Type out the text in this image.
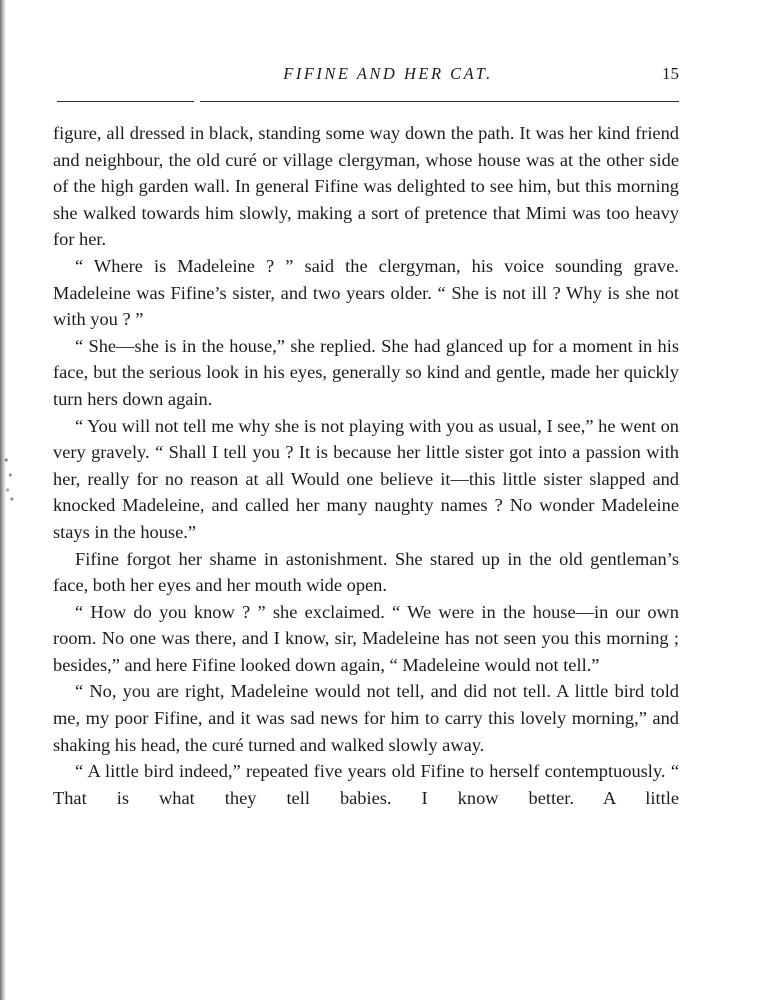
FIFINE AND HER CAT.	15

figure, all dressed in black, standing some way down the path. It was her kind friend and neighbour, the old curé or village clergyman, whose house was at the other side of the high garden wall. In general Fifine was delighted to see him, but this morning she walked towards him slowly, making a sort of pretence that Mimi was too heavy for her.

“ Where is Madeleine ? ” said the clergyman, his voice sounding grave. Madeleine was Fifine’s sister, and two years older. “ She is not ill ? Why is she not with you ? ”

“ She—she is in the house,” she replied. She had glanced up for a moment in his face, but the serious look in his eyes, generally so kind and gentle, made her quickly turn hers down again.

“ You will not tell me why she is not playing with you as usual, I see,” he went on very gravely. “ Shall I tell you ? It is because her little sister got into a passion with her, really for no reason at all Would one believe it—this little sister slapped and knocked Madeleine, and called her many naughty names ? No wonder Madeleine stays in the house.”

Fifine forgot her shame in astonishment. She stared up in the old gentleman’s face, both her eyes and her mouth wide open.

“ How do you know ? ” she exclaimed. “ We were in the house—in our own room. No one was there, and I know, sir, Madeleine has not seen you this morning ; besides,” and here Fifine looked down again, “ Madeleine would not tell.”

“ No, you are right, Madeleine would not tell, and did not tell. A little bird told me, my poor Fifine, and it was sad news for him to carry this lovely morning,” and shaking his head, the curé turned and walked slowly away.

“ A little bird indeed,” repeated five years old Fifine to herself contemptuously. “ That is what they tell babies. I know better. A little
